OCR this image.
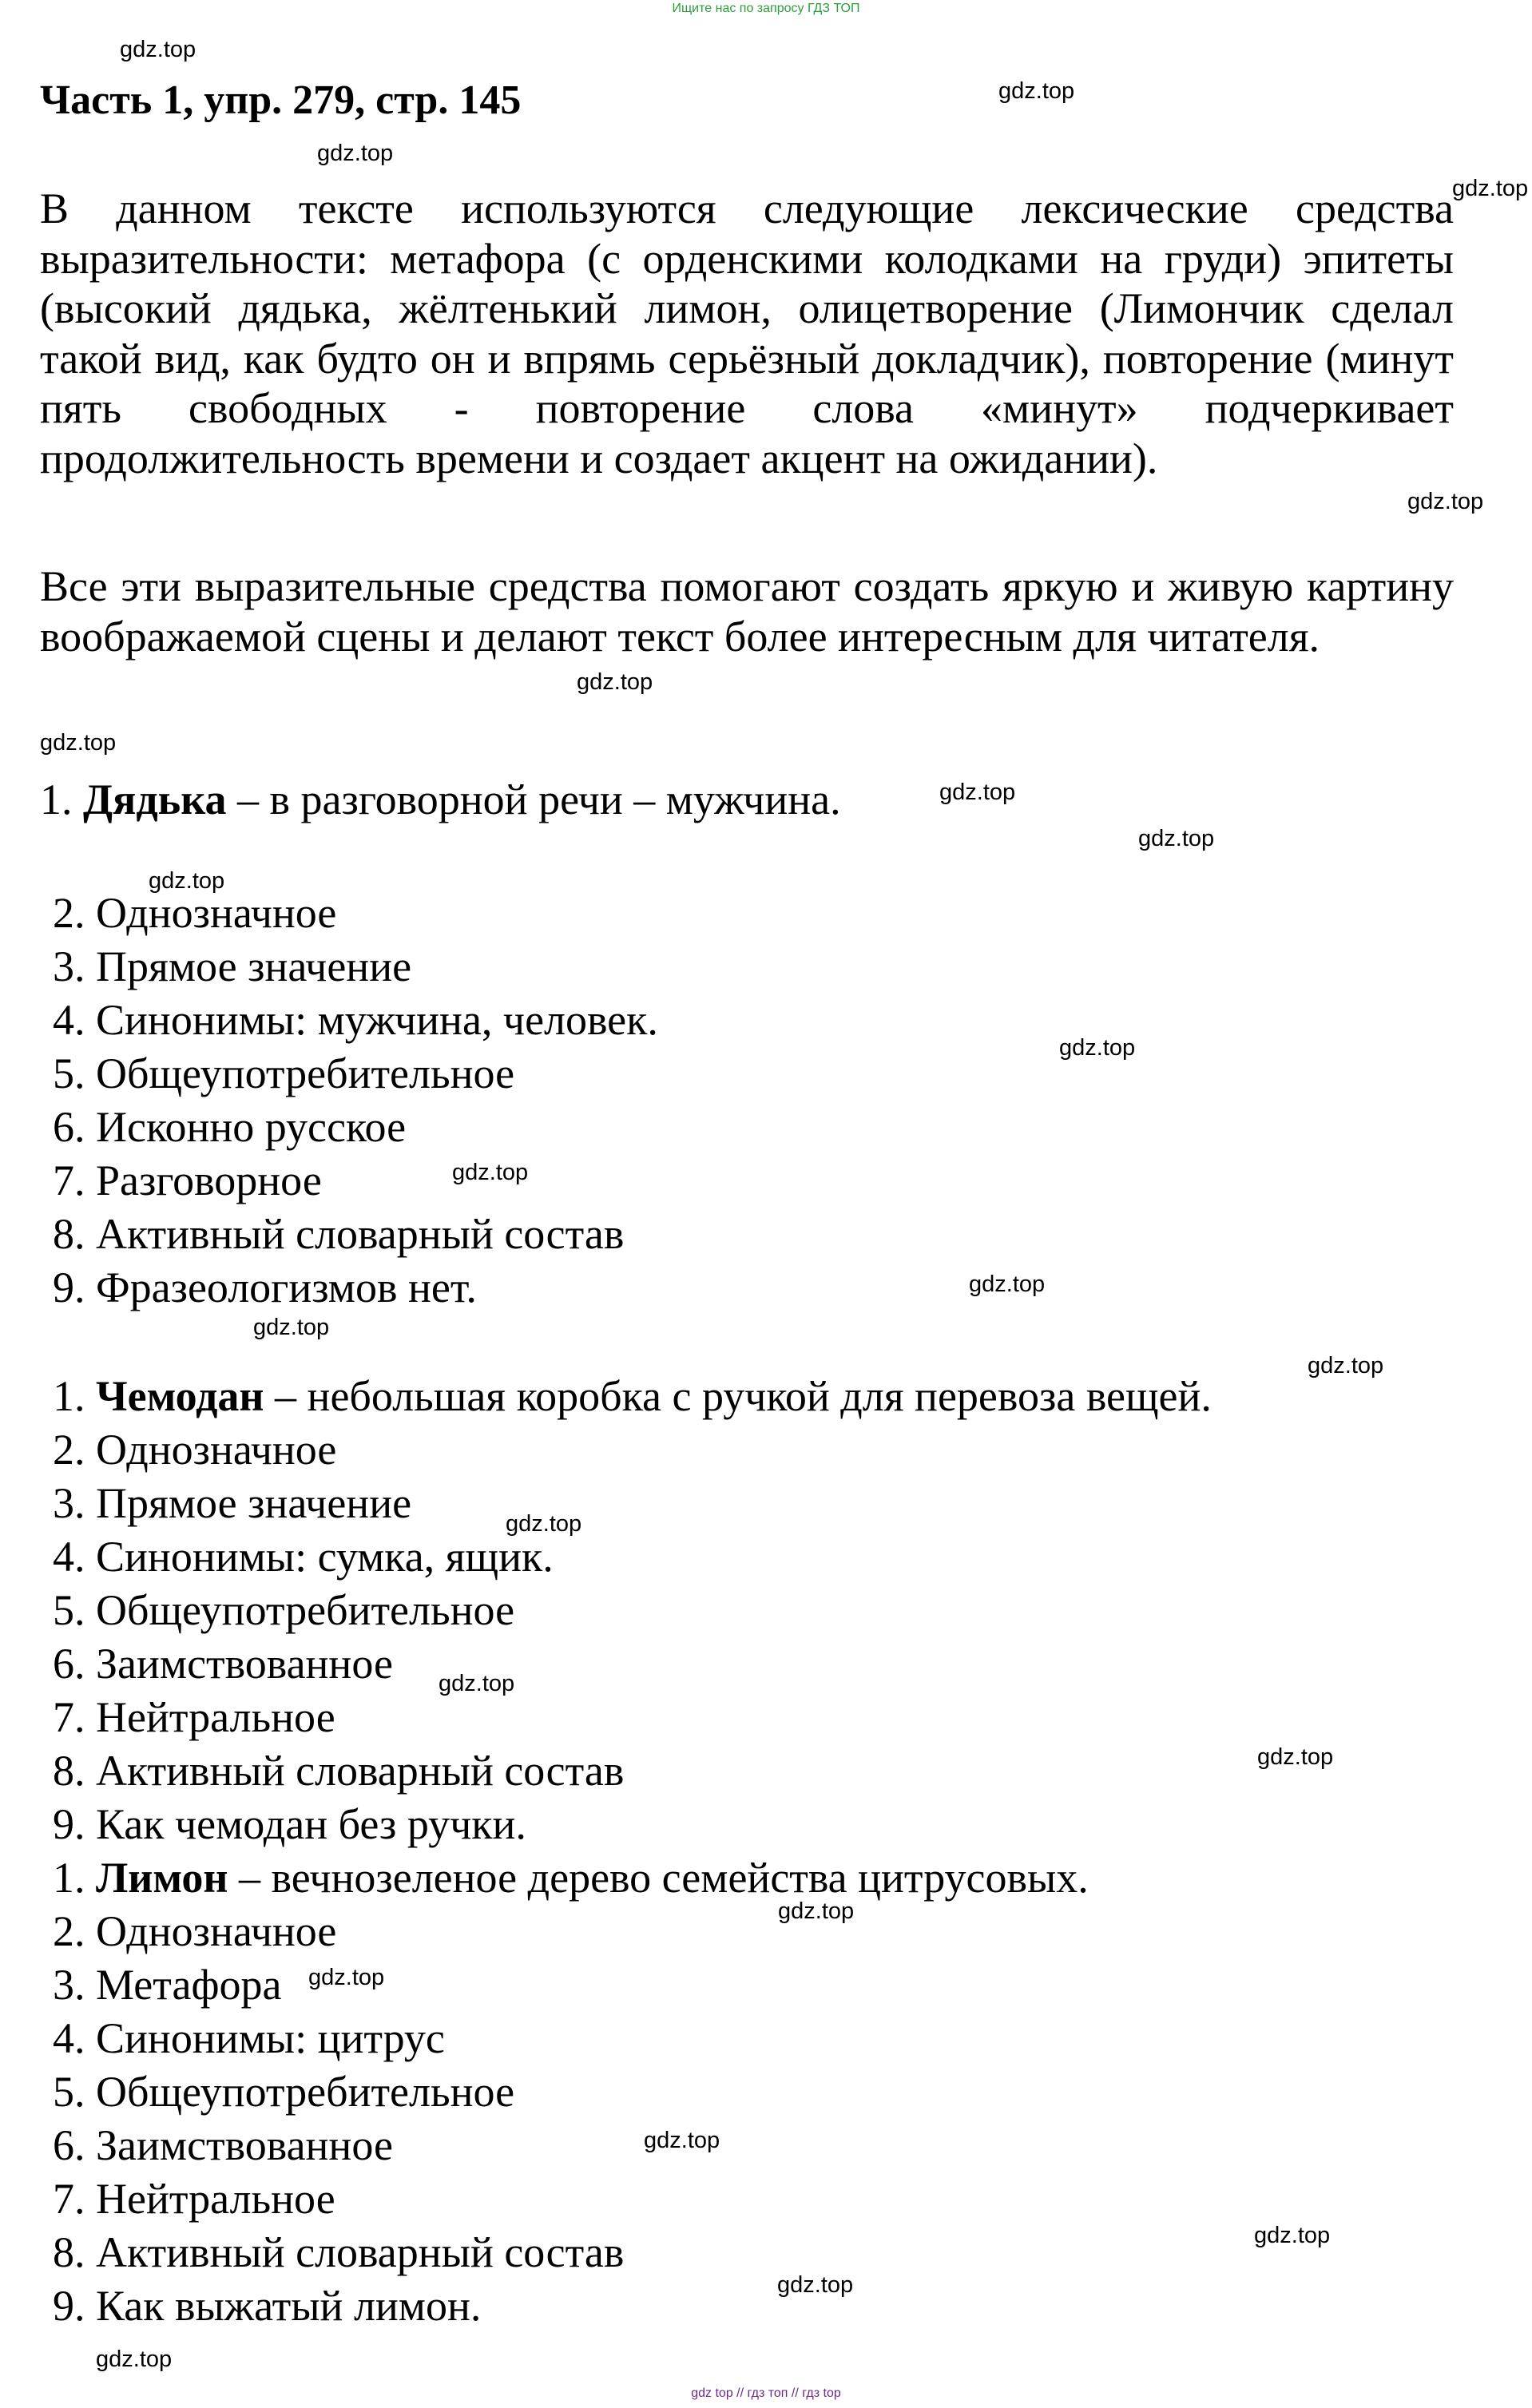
Ищите нас по запросу ГДЗ ТОП
gdz.top
gdz.top
gdz.top
gdz.top
gdz.top
gdz.top
gdz.top
gdz.top
gdz.top
gdz.top
gdz.top
gdz.top
gdz.top
gdz.top
gdz.top
gdz.top
gdz.top
gdz.top
gdz.top
gdz.top
gdz.top
gdz.top
gdz.top
gdz.top
Часть 1, упр. 279, стр. 145
В данном тексте используются следующие лексические средства выразительности: метафора (с орденскими колодками на груди) эпитеты (высокий дядька, жёлтенький лимон, олицетворение (Лимончик сделал такой вид, как будто он и впрямь серьёзный докладчик), повторение (минут пять свободных - повторение слова «минут» подчеркивает продолжительность времени и создает акцент на ожидании).
Все эти выразительные средства помогают создать яркую и живую картину воображаемой сцены и делают текст более интересным для читателя.
1. Дядька – в разговорной речи – мужчина.
2. Однозначное
3. Прямое значение
4. Синонимы: мужчина, человек.
5. Общеупотребительное
6. Исконно русское
7. Разговорное
8. Активный словарный состав
9. Фразеологизмов нет.
1. Чемодан – небольшая коробка с ручкой для перевоза вещей.
2. Однозначное
3. Прямое значение
4. Синонимы: сумка, ящик.
5. Общеупотребительное
6. Заимствованное
7. Нейтральное
8. Активный словарный состав
9. Как чемодан без ручки.
1. Лимон – вечнозеленое дерево семейства цитрусовых.
2. Однозначное
3. Метафора
4. Синонимы: цитрус
5. Общеупотребительное
6. Заимствованное
7. Нейтральное
8. Активный словарный состав
9. Как выжатый лимон.
gdz top // гдз топ // гдз top
